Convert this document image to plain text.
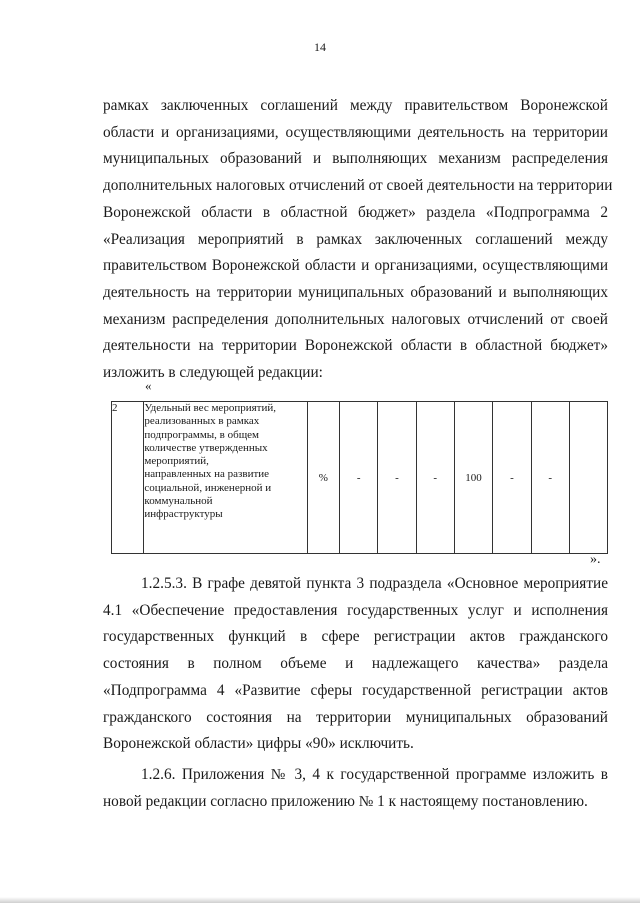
14
рамках заключенных соглашений между правительством Воронежской
области и организациями, осуществляющими деятельность на территории
муниципальных образований и выполняющих механизм распределения
дополнительных налоговых отчислений от своей деятельности на территории
Воронежской области в областной бюджет» раздела «Подпрограмма 2
«Реализация мероприятий в рамках заключенных соглашений между
правительством Воронежской области и организациями, осуществляющими
деятельность на территории муниципальных образований и выполняющих
механизм распределения дополнительных налоговых отчислений от своей
деятельности на территории Воронежской области в областной бюджет»
изложить в следующей редакции:
«
2	Удельный вес мероприятий,
реализованных в рамках
подпрограммы, в общем
количестве утвержденных
мероприятий,
направленных на развитие
социальной, инженерной и
коммунальной
инфраструктуры
	%	-	-	-	100	-	-	
».
1.2.5.3. В графе девятой пункта 3 подраздела «Основное мероприятие
4.1 «Обеспечение предоставления государственных услуг и исполнения
государственных функций в сфере регистрации актов гражданского
состояния в полном объеме и надлежащего качества» раздела
«Подпрограмма 4 «Развитие сферы государственной регистрации актов
гражданского состояния на территории муниципальных образований
Воронежской области» цифры «90» исключить.
1.2.6. Приложения № 3, 4 к государственной программе изложить в
новой редакции согласно приложению № 1 к настоящему постановлению.
